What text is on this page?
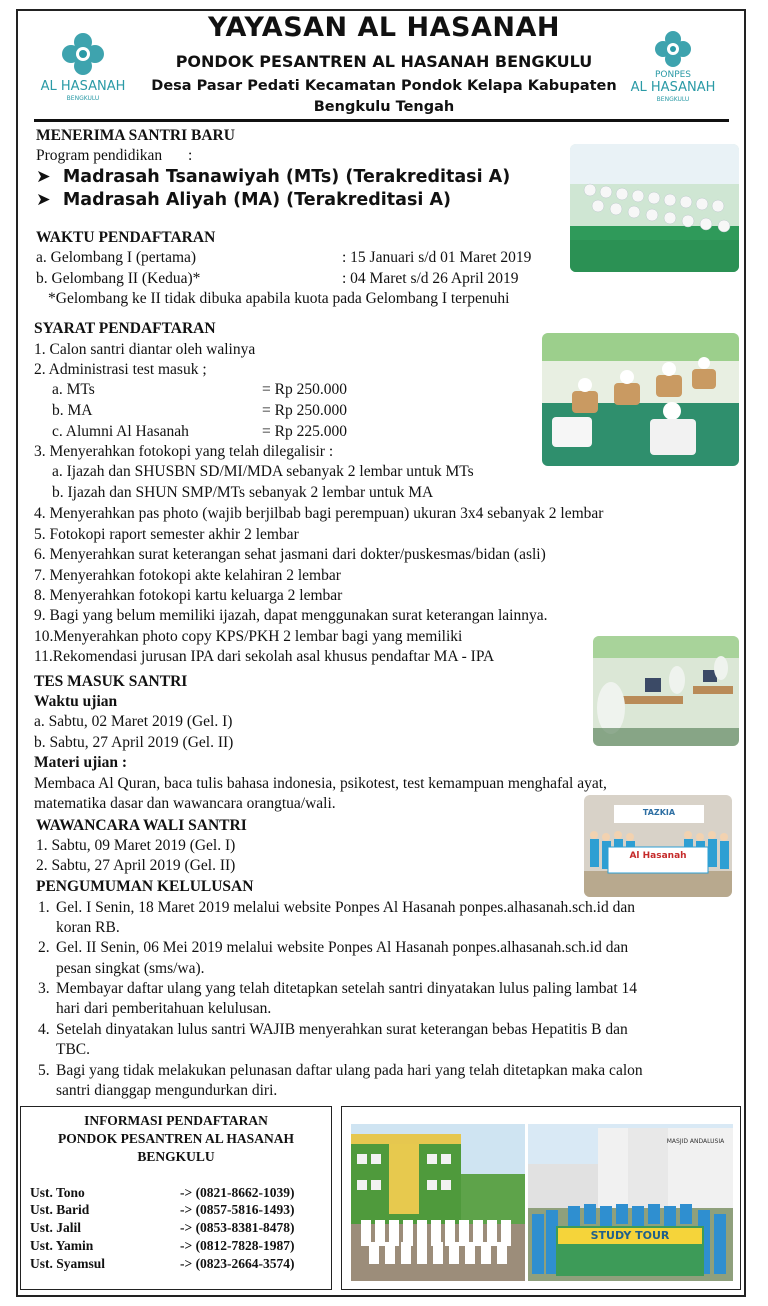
AL HASANAH
BENGKULU
PONPES
AL HASANAH
BENGKULU
YAYASAN AL HASANAH
PONDOK PESANTREN AL HASANAH BENGKULU
Desa Pasar Pedati Kecamatan Pondok Kelapa Kabupaten Bengkulu Tengah
MENERIMA SANTRI BARU
Program pendidikan :
➤  Madrasah Tsanawiyah (MTs) (Terakreditasi A)
➤  Madrasah Aliyah (MA) (Terakreditasi A)
WAKTU PENDAFTARAN
a. Gelombang I (pertama)	: 15 Januari s/d 01 Maret 2019
b. Gelombang II (Kedua)*	: 04 Maret s/d 26 April 2019
*Gelombang ke II tidak dibuka apabila kuota pada Gelombang I terpenuhi
SYARAT PENDAFTARAN
1. Calon santri diantar oleh walinya
2. Administrasi test masuk ;
a. MTs	= Rp 250.000
b. MA	= Rp 250.000
c. Alumni Al Hasanah	= Rp 225.000
3. Menyerahkan fotokopi yang telah dilegalisir :
a. Ijazah dan SHUSBN SD/MI/MDA sebanyak 2 lembar untuk MTs
b. Ijazah dan SHUN SMP/MTs sebanyak 2 lembar untuk MA
4. Menyerahkan pas photo (wajib berjilbab bagi perempuan) ukuran 3x4 sebanyak 2 lembar
5. Fotokopi raport semester akhir 2 lembar
6. Menyerahkan surat keterangan sehat jasmani dari dokter/puskesmas/bidan (asli)
7. Menyerahkan fotokopi akte kelahiran 2 lembar
8. Menyerahkan fotokopi kartu keluarga 2 lembar
9. Bagi yang belum memiliki ijazah, dapat menggunakan surat keterangan lainnya.
10.Menyerahkan photo copy KPS/PKH 2 lembar bagi yang memiliki
11.Rekomendasi jurusan IPA dari sekolah asal khusus pendaftar MA - IPA
TES MASUK SANTRI
Waktu ujian
a. Sabtu, 02 Maret 2019 (Gel. I)
b. Sabtu, 27 April 2019 (Gel. II)
Materi ujian :
Membaca Al Quran, baca tulis bahasa indonesia, psikotest, test kemampuan menghafal ayat,
matematika dasar dan wawancara orangtua/wali.
WAWANCARA WALI SANTRI
1. Sabtu, 09 Maret 2019 (Gel. I)
2. Sabtu, 27 April 2019 (Gel. II)
PENGUMUMAN KELULUSAN
1. Gel. I Senin, 18 Maret 2019 melalui website Ponpes Al Hasanah ponpes.alhasanah.sch.id dan
koran RB.
2. Gel. II Senin, 06 Mei 2019 melalui website Ponpes Al Hasanah ponpes.alhasanah.sch.id dan
pesan singkat (sms/wa).
3. Membayar daftar ulang yang telah ditetapkan setelah santri dinyatakan lulus paling lambat 14
hari dari pemberitahuan kelulusan.
4. Setelah dinyatakan lulus santri WAJIB menyerahkan surat keterangan bebas Hepatitis B dan
TBC.
5. Bagi yang tidak melakukan pelunasan daftar ulang pada hari yang telah ditetapkan maka calon
santri dianggap mengundurkan diri.
TAZKIA
Al Hasanah
INFORMASI PENDAFTARAN
PONDOK PESANTREN AL HASANAH
BENGKULU
Ust. Tono	-> (0821-8662-1039)
Ust. Barid	-> (0857-5816-1493)
Ust. Jalil	-> (0853-8381-8478)
Ust. Yamin	-> (0812-7828-1987)
Ust. Syamsul	-> (0823-2664-3574)
MASJID ANDALUSIA
STUDY TOUR
